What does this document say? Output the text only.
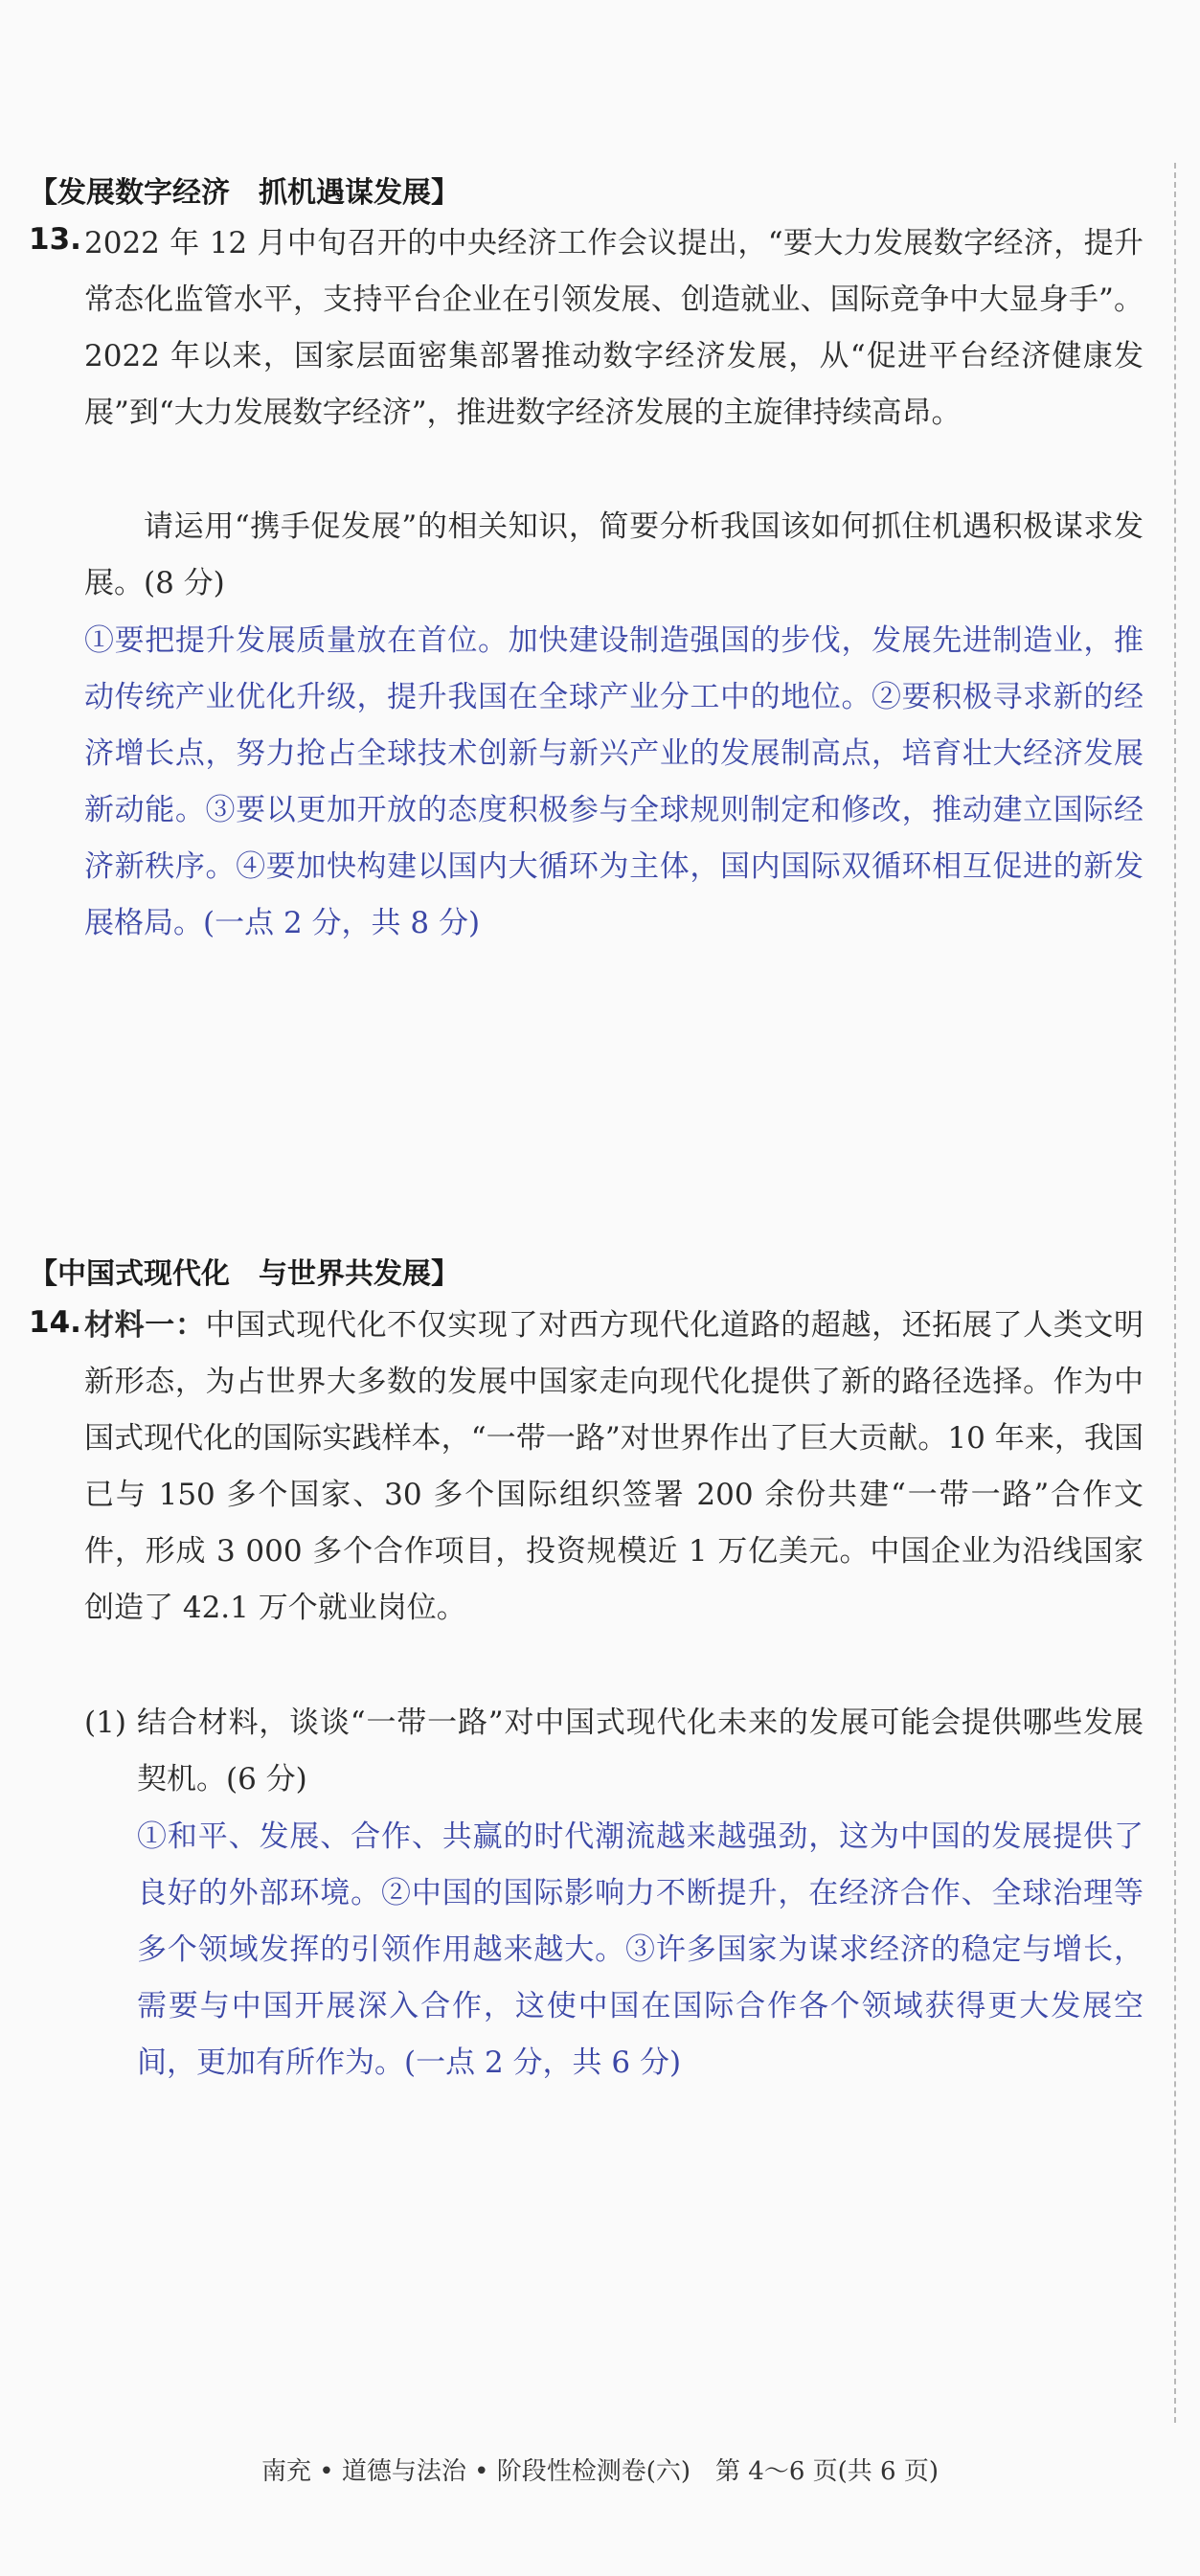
【发展数字经济　抓机遇谋发展】
13. 2022 年 12 月中旬召开的中央经济工作会议提出，“要大力发展数字经济，提升常态化监管水平，支持平台企业在引领发展、创造就业、国际竞争中大显身手”。2022 年以来，国家层面密集部署推动数字经济发展，从“促进平台经济健康发展”到“大力发展数字经济”，推进数字经济发展的主旋律持续高昂。
请运用“携手促发展”的相关知识，简要分析我国该如何抓住机遇积极谋求发展。(8 分)
①要把提升发展质量放在首位。加快建设制造强国的步伐，发展先进制造业，推动传统产业优化升级，提升我国在全球产业分工中的地位。②要积极寻求新的经济增长点，努力抢占全球技术创新与新兴产业的发展制高点，培育壮大经济发展新动能。③要以更加开放的态度积极参与全球规则制定和修改，推动建立国际经济新秩序。④要加快构建以国内大循环为主体，国内国际双循环相互促进的新发展格局。(一点 2 分，共 8 分)
【中国式现代化　与世界共发展】
14. 材料一：中国式现代化不仅实现了对西方现代化道路的超越，还拓展了人类文明新形态，为占世界大多数的发展中国家走向现代化提供了新的路径选择。作为中国式现代化的国际实践样本，“一带一路”对世界作出了巨大贡献。10 年来，我国已与 150 多个国家、30 多个国际组织签署 200 余份共建“一带一路”合作文件，形成 3 000 多个合作项目，投资规模近 1 万亿美元。中国企业为沿线国家创造了 42.1 万个就业岗位。
(1) 结合材料，谈谈“一带一路”对中国式现代化未来的发展可能会提供哪些发展契机。(6 分)
①和平、发展、合作、共赢的时代潮流越来越强劲，这为中国的发展提供了良好的外部环境。②中国的国际影响力不断提升，在经济合作、全球治理等多个领域发挥的引领作用越来越大。③许多国家为谋求经济的稳定与增长，需要与中国开展深入合作，这使中国在国际合作各个领域获得更大发展空间，更加有所作为。(一点 2 分，共 6 分)
南充 • 道德与法治 • 阶段性检测卷(六)　第 4～6 页(共 6 页)
